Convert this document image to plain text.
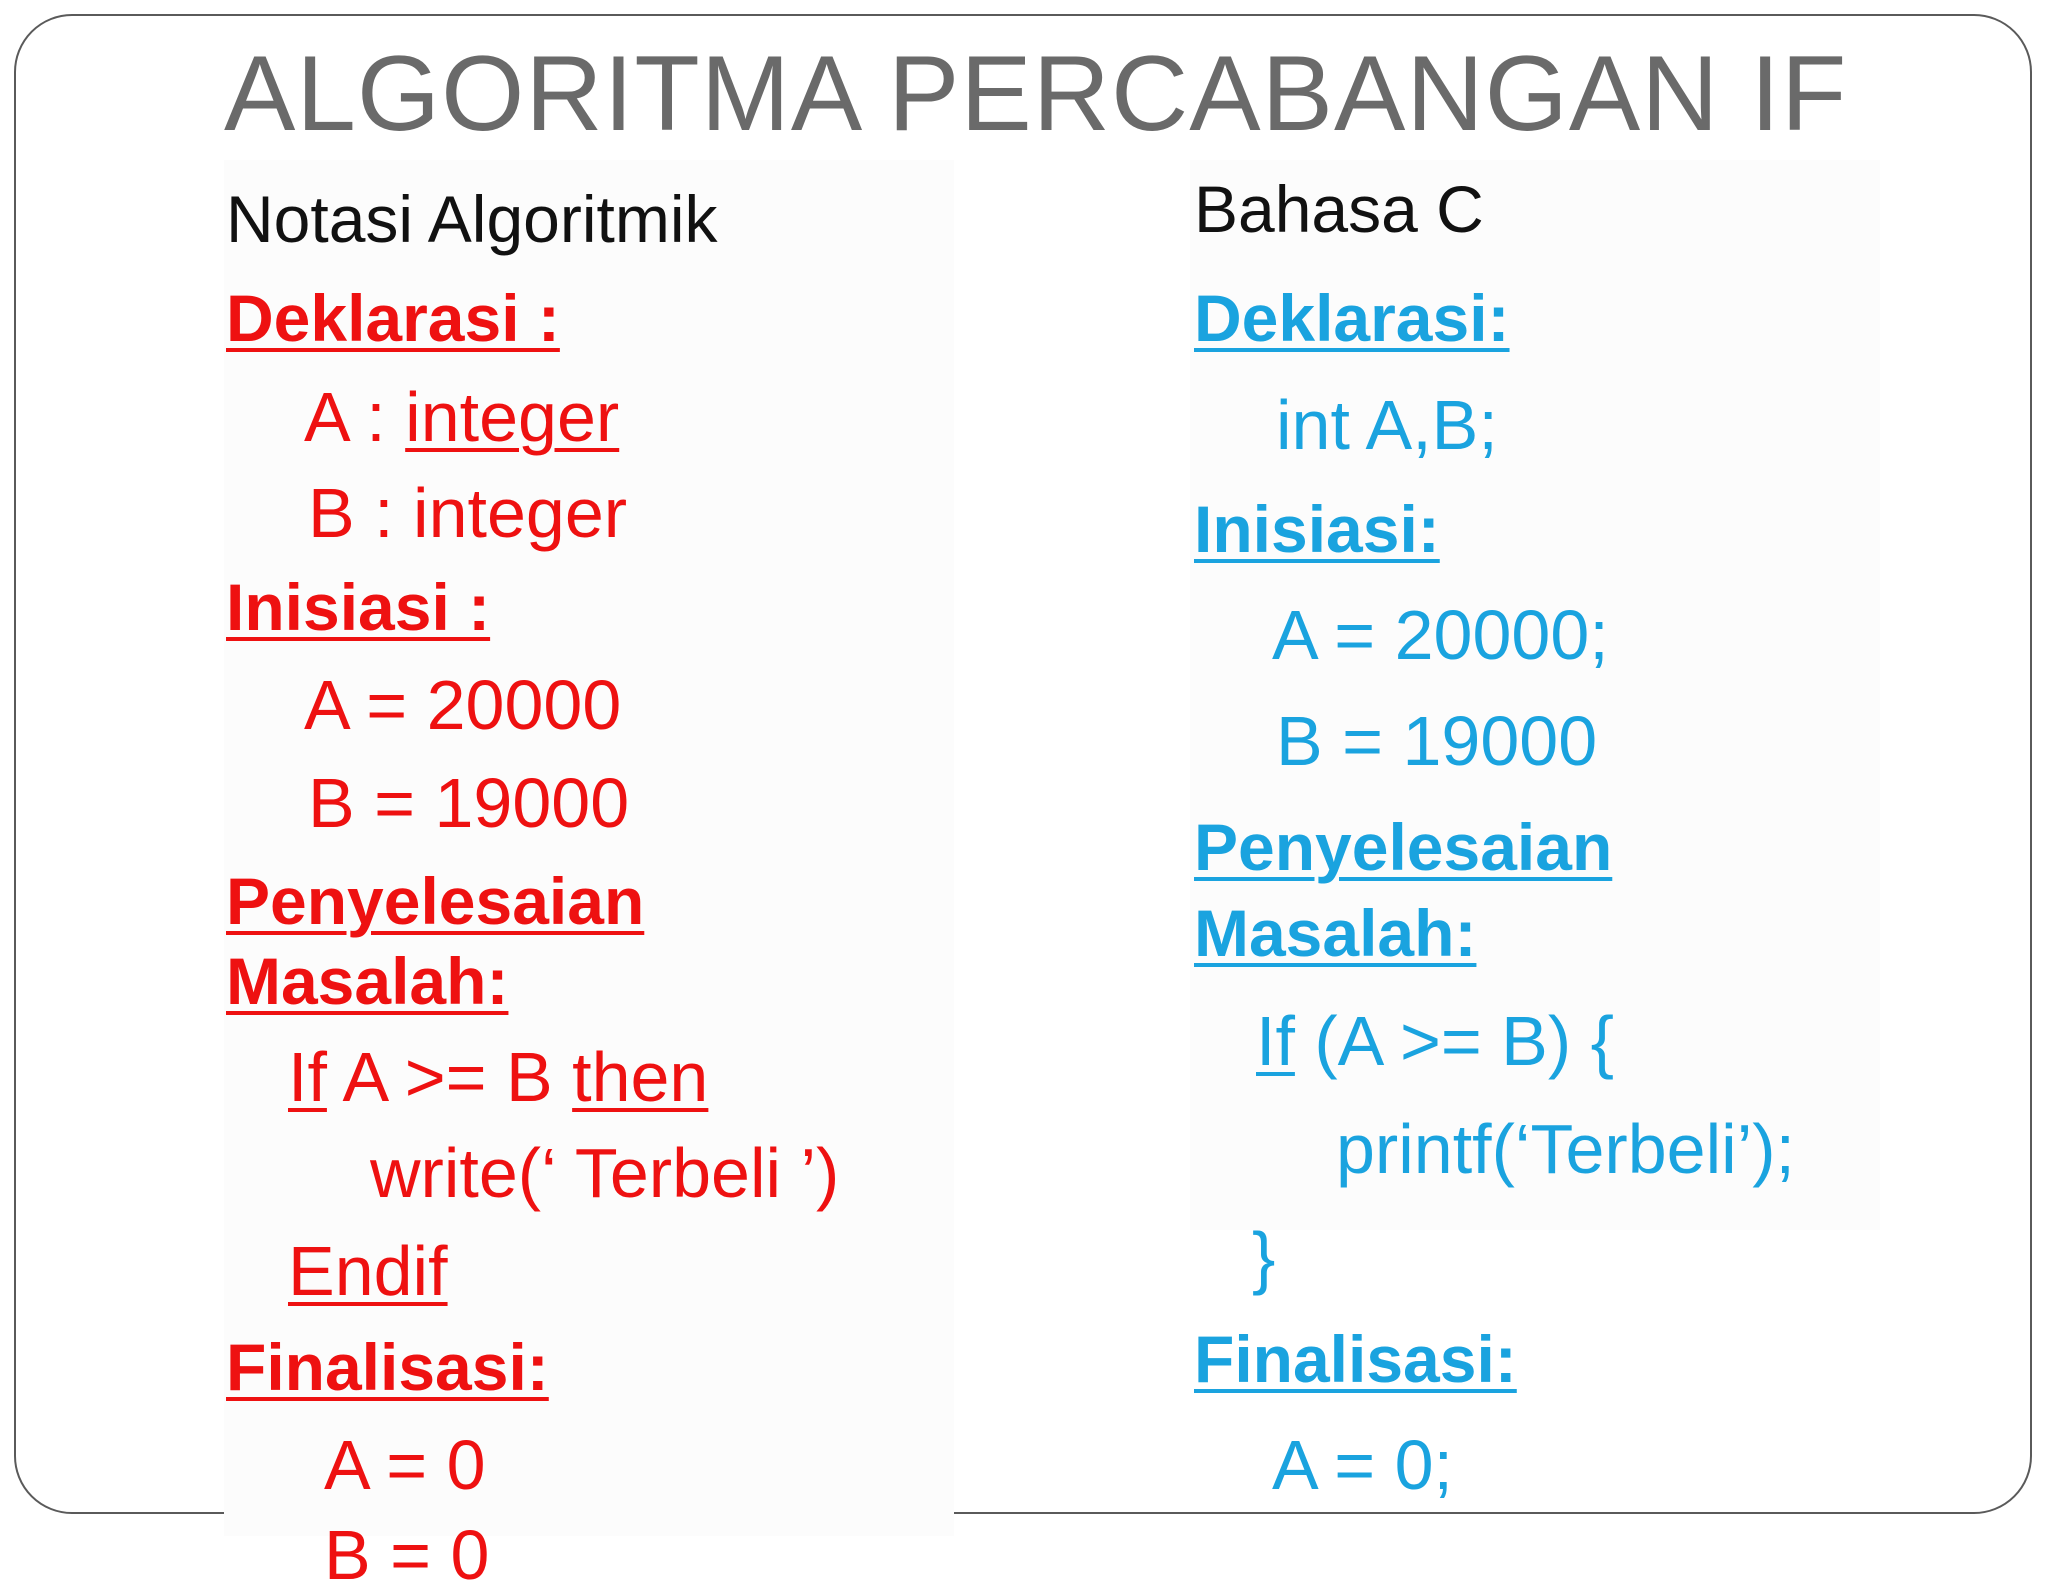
ALGORITMA PERCABANGAN IF
Notasi Algoritmik
Deklarasi :
A : integer
B : integer
Inisiasi :
A = 20000
B = 19000
Penyelesaian
Masalah:
If A >= B then
write(‘ Terbeli ’)
Endif
Finalisasi:
A = 0
B = 0
Bahasa C
Deklarasi:
int A,B;
Inisiasi:
A = 20000;
B = 19000
Penyelesaian
Masalah:
If (A >= B) {
printf(‘Terbeli’);
}
Finalisasi:
A = 0;
